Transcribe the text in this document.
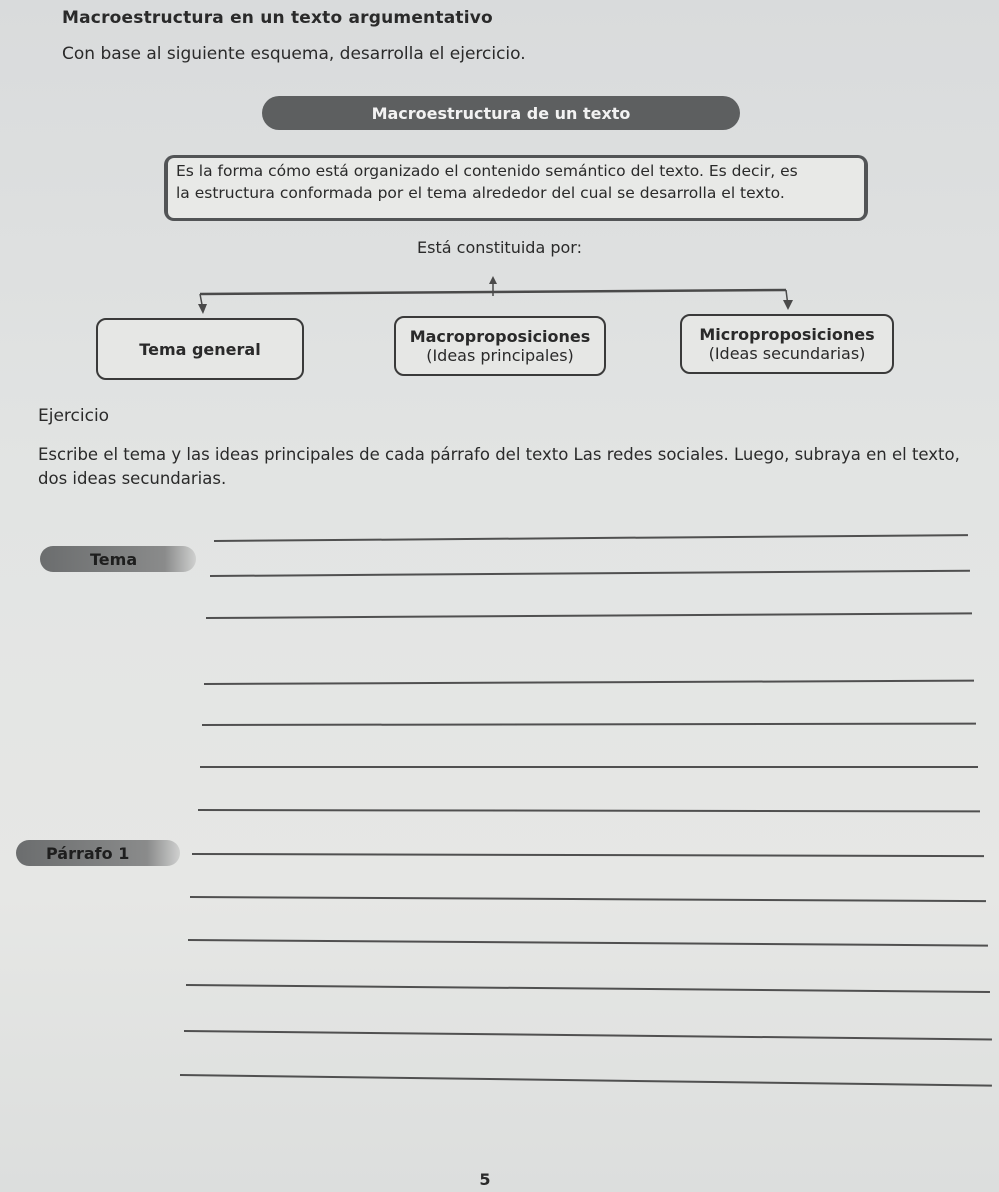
Macroestructura en un texto argumentativo
Con base al siguiente esquema, desarrolla el ejercicio.
Macroestructura de un texto
Es la forma cómo está organizado el contenido semántico del texto. Es decir, es
la estructura conformada por el tema alrededor del cual se desarrolla el texto.
Está constituida por:
Tema general
Macroproposiciones
(Ideas principales)
Microproposiciones
(Ideas secundarias)
Ejercicio
Escribe el tema y las ideas principales de cada párrafo del texto Las redes sociales. Luego, subraya en el texto, dos ideas secundarias.
Tema
Párrafo 1
5
